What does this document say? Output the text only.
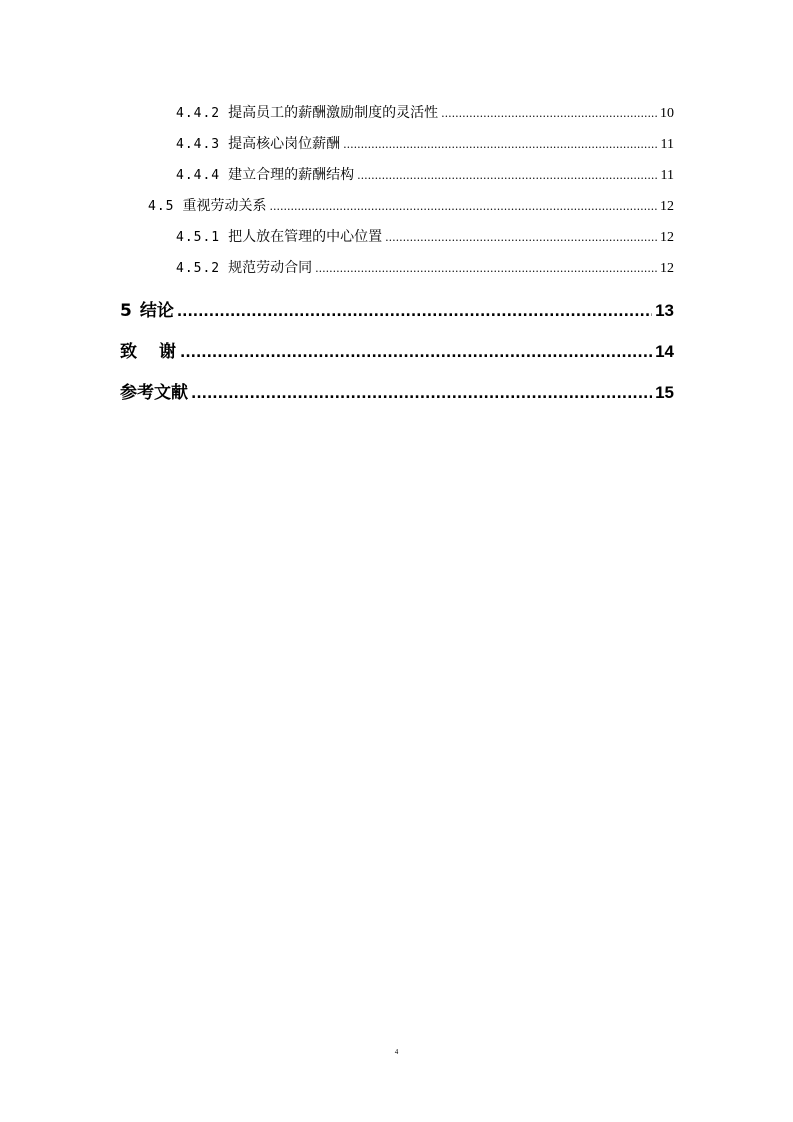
4.4.2 提高员工的薪酬激励制度的灵活性 .....	10
4.4.3 提高核心岗位薪酬 .....	11
4.4.4 建立合理的薪酬结构 .....	11
4.5 重视劳动关系 .....	12
4.5.1 把人放在管理的中心位置 .....	12
4.5.2 规范劳动合同 .....	12
5 结论 .....	13
致谢 .....	14
参考文献 .....	15
4
